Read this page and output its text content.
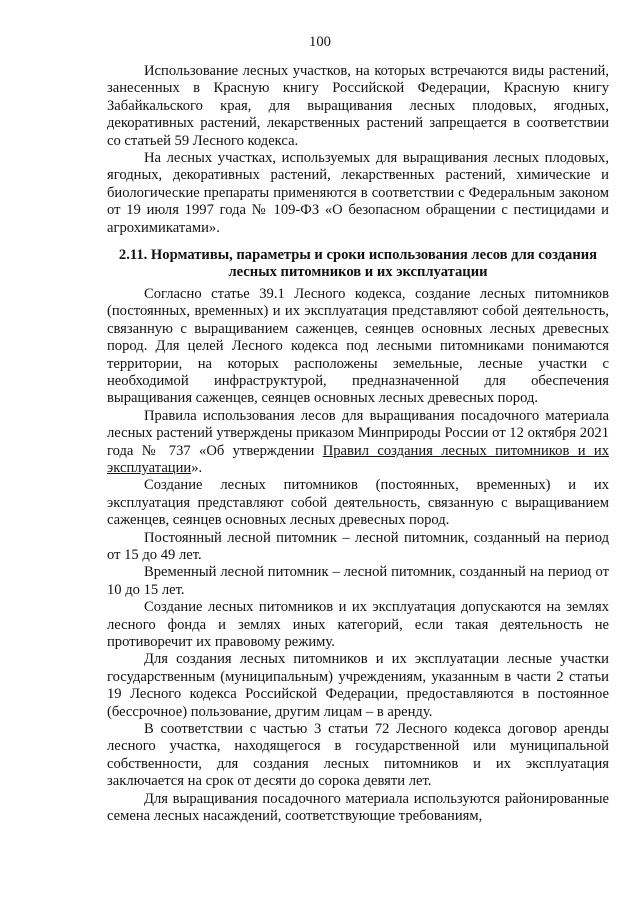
100

Использование лесных участков, на которых встречаются виды растений, занесенных в Красную книгу Российской Федерации, Красную книгу Забайкальского края, для выращивания лесных плодовых, ягодных, декоративных растений, лекарственных растений запрещается в соответствии со статьей 59 Лесного кодекса.

На лесных участках, используемых для выращивания лесных плодовых, ягодных, декоративных растений, лекарственных растений, химические и биологические препараты применяются в соответствии с Федеральным законом от 19 июля 1997 года № 109-ФЗ «О безопасном обращении с пестицидами и агрохимикатами».

2.11. Нормативы, параметры и сроки использования лесов для создания лесных питомников и их эксплуатации

Согласно статье 39.1 Лесного кодекса, создание лесных питомников (постоянных, временных) и их эксплуатация представляют собой деятельность, связанную с выращиванием саженцев, сеянцев основных лесных древесных пород. Для целей Лесного кодекса под лесными питомниками понимаются территории, на которых расположены земельные, лесные участки с необходимой инфраструктурой, предназначенной для обеспечения выращивания саженцев, сеянцев основных лесных древесных пород.

Правила использования лесов для выращивания посадочного материала лесных растений утверждены приказом Минприроды России от 12 октября 2021 года № 737 «Об утверждении Правил создания лесных питомников и их эксплуатации».

Создание лесных питомников (постоянных, временных) и их эксплуатация представляют собой деятельность, связанную с выращиванием саженцев, сеянцев основных лесных древесных пород.

Постоянный лесной питомник – лесной питомник, созданный на период от 15 до 49 лет.

Временный лесной питомник – лесной питомник, созданный на период от 10 до 15 лет.

Создание лесных питомников и их эксплуатация допускаются на землях лесного фонда и землях иных категорий, если такая деятельность не противоречит их правовому режиму.

Для создания лесных питомников и их эксплуатации лесные участки государственным (муниципальным) учреждениям, указанным в части 2 статьи 19 Лесного кодекса Российской Федерации, предоставляются в постоянное (бессрочное) пользование, другим лицам – в аренду.

В соответствии с частью 3 статьи 72 Лесного кодекса договор аренды лесного участка, находящегося в государственной или муниципальной собственности, для создания лесных питомников и их эксплуатация заключается на срок от десяти до сорока девяти лет.

Для выращивания посадочного материала используются районированные семена лесных насаждений, соответствующие требованиям,
